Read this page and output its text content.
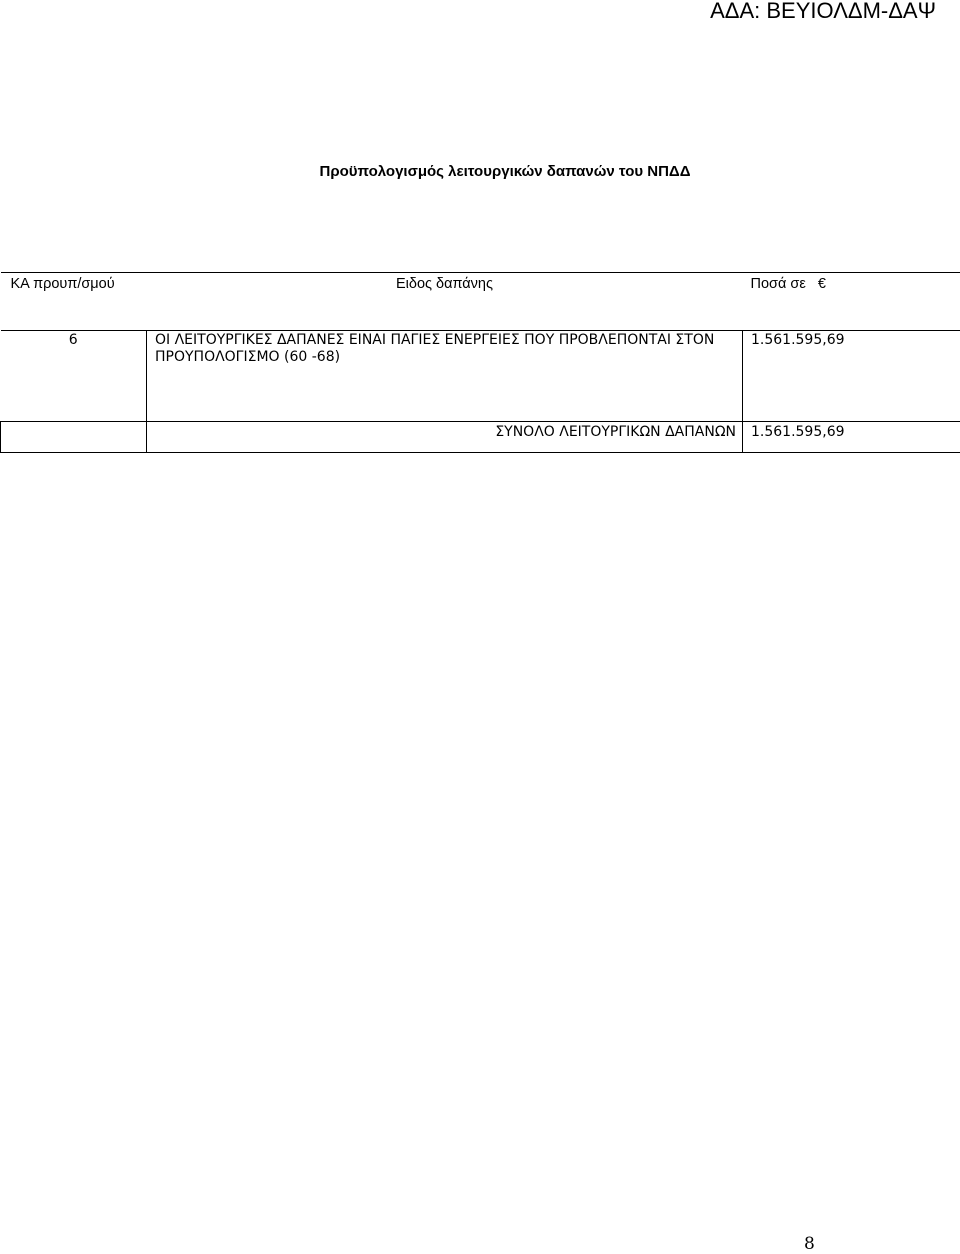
ΑΔΑ: ΒΕΥΙΟΛΔΜ-ΔΑΨ
Προϋπολογισμός λειτουργικών δαπανών του ΝΠΔΔ
ΚΑ προυπ/σμού	Ειδος δαπάνης	Ποσά σε €
6	ΟΙ ΛΕΙΤΟΥΡΓΙΚΕΣ ΔΑΠΑΝΕΣ ΕΙΝΑΙ ΠΑΓΙΕΣ ΕΝΕΡΓΕΙΕΣ ΠΟΥ ΠΡΟΒΛΕΠΟΝΤΑΙ ΣΤΟΝ ΠΡΟΥΠΟΛΟΓΙΣΜΟ (60 -68)	1.561.595,69
	ΣΥΝΟΛΟ ΛΕΙΤΟΥΡΓΙΚΩΝ ΔΑΠΑΝΩΝ	1.561.595,69
8
